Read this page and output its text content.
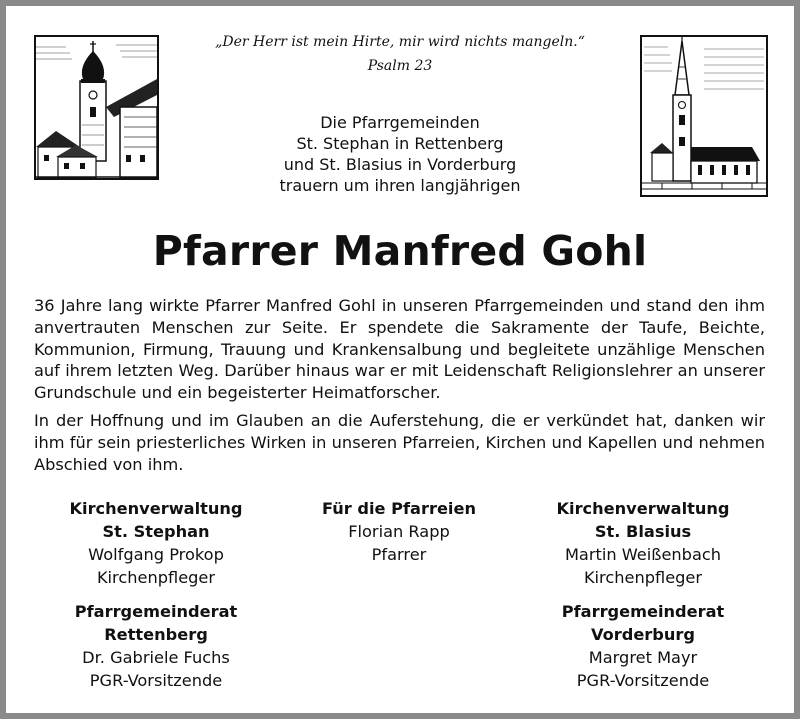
„Der Herr ist mein Hirte, mir wird nichts mangeln.“
Psalm 23
Die Pfarrgemeinden
St. Stephan in Rettenberg
und St. Blasius in Vorderburg
trauern um ihren langjährigen
Pfarrer Manfred Gohl
36 Jahre lang wirkte Pfarrer Manfred Gohl in unseren Pfarrgemeinden und stand den ihm anvertrauten Menschen zur Seite. Er spendete die Sakramente der Taufe, Beichte, Kommunion, Firmung, Trauung und Krankensalbung und begleitete unzählige Menschen auf ihrem letzten Weg. Darüber hinaus war er mit Leidenschaft Religionslehrer an unserer Grundschule und ein begeisterter Heimatforscher.
In der Hoffnung und im Glauben an die Auferstehung, die er verkündet hat, danken wir ihm für sein priesterliches Wirken in unseren Pfarreien, Kirchen und Kapellen und nehmen Abschied von ihm.
Kirchenverwaltung
St. Stephan
Wolfgang Prokop
Kirchenpfleger
Für die Pfarreien
Florian Rapp
Pfarrer
Kirchenverwaltung
St. Blasius
Martin Weißenbach
Kirchenpfleger
Pfarrgemeinderat
Rettenberg
Dr. Gabriele Fuchs
PGR-Vorsitzende
Pfarrgemeinderat
Vorderburg
Margret Mayr
PGR-Vorsitzende
